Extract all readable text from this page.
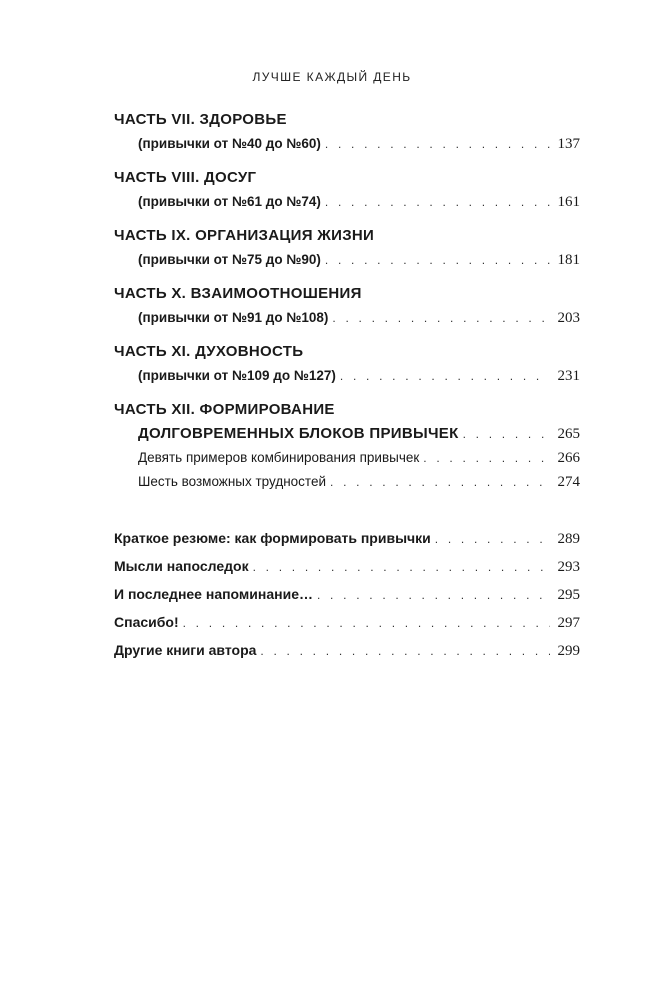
ЛУЧШЕ КАЖДЫЙ ДЕНЬ
ЧАСТЬ VII. ЗДОРОВЬЕ
(привычки от №40 до №60) . . .	137
ЧАСТЬ VIII. ДОСУГ
(привычки от №61 до №74) . . .	161
ЧАСТЬ IX. ОРГАНИЗАЦИЯ ЖИЗНИ
(привычки от №75 до №90) . . .	181
ЧАСТЬ X. ВЗАИМООТНОШЕНИЯ
(привычки от №91 до №108) . . .	203
ЧАСТЬ XI. ДУХОВНОСТЬ
(привычки от №109 до №127) . . .	231
ЧАСТЬ XII. ФОРМИРОВАНИЕ
ДОЛГОВРЕМЕННЫХ БЛОКОВ ПРИВЫЧЕК . . .	265
Девять примеров комбинирования привычек . . .	266
Шесть возможных трудностей . . .	274
Краткое резюме: как формировать привычки . . .	289
Мысли напоследок . . .	293
И последнее напоминание… . . .	295
Спасибо! . . .	297
Другие книги автора . . .	299
